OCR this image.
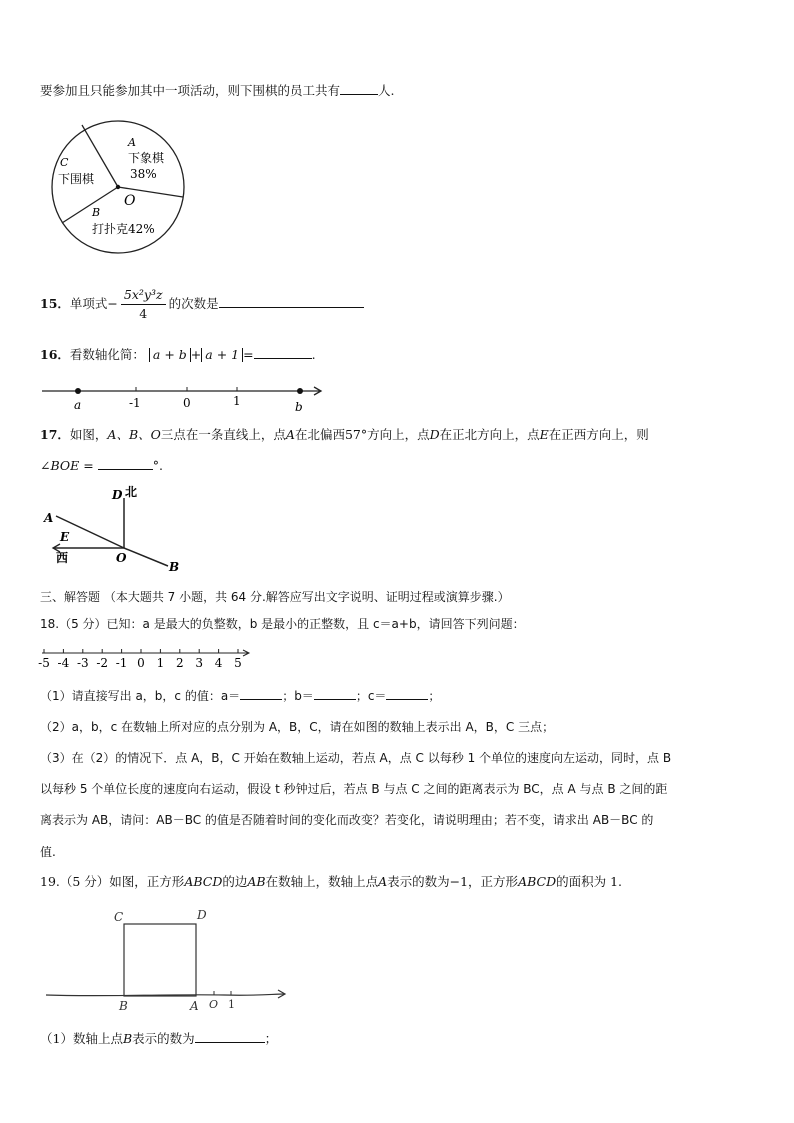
要参加且只能参加其中一项活动，则下围棋的员工共有	人.
A
下象棋
38%
C
下围棋
O
B
打扑克42%
15．单项式− $\frac{\text{5x²y³z}}{4}$ 的次数是
16．看数轴化简： a + b + a + 1 =	.
a	-1	0	1	b
17．如图，A、B、O三点在一条直线上，点A在北偏西57°方向上，点D在正北方向上，点E在正西方向上，则
∠BOE =	°.
D 北
A
E
西	O
B
三、解答题 （本大题共 7 小题，共 64 分.解答应写出文字说明、证明过程或演算步骤.）
18.（5 分）已知：a 是最大的负整数，b 是最小的正整数，且 c＝a+b，请回答下列问题：
-5 -4 -3 -2 -1 0 1 2 3 4 5
（1）请直接写出 a，b，c 的值：a＝	；b＝	；c＝	；
（2）a，b，c 在数轴上所对应的点分别为 A，B，C，请在如图的数轴上表示出 A，B，C 三点；
（3）在（2）的情况下．点 A，B，C 开始在数轴上运动，若点 A，点 C 以每秒 1 个单位的速度向左运动，同时，点 B
以每秒 5 个单位长度的速度向右运动，假设 t 秒钟过后，若点 B 与点 C 之间的距离表示为 BC，点 A 与点 B 之间的距
离表示为 AB，请问：AB－BC 的值是否随着时间的变化而改变？若变化，请说明理由；若不变，请求出 AB－BC 的
值.
19.（5 分）如图，正方形ABCD的边AB在数轴上，数轴上点A表示的数为−1，正方形ABCD的面积为 1.
C	D
B	A O 1
（1）数轴上点B表示的数为	；
